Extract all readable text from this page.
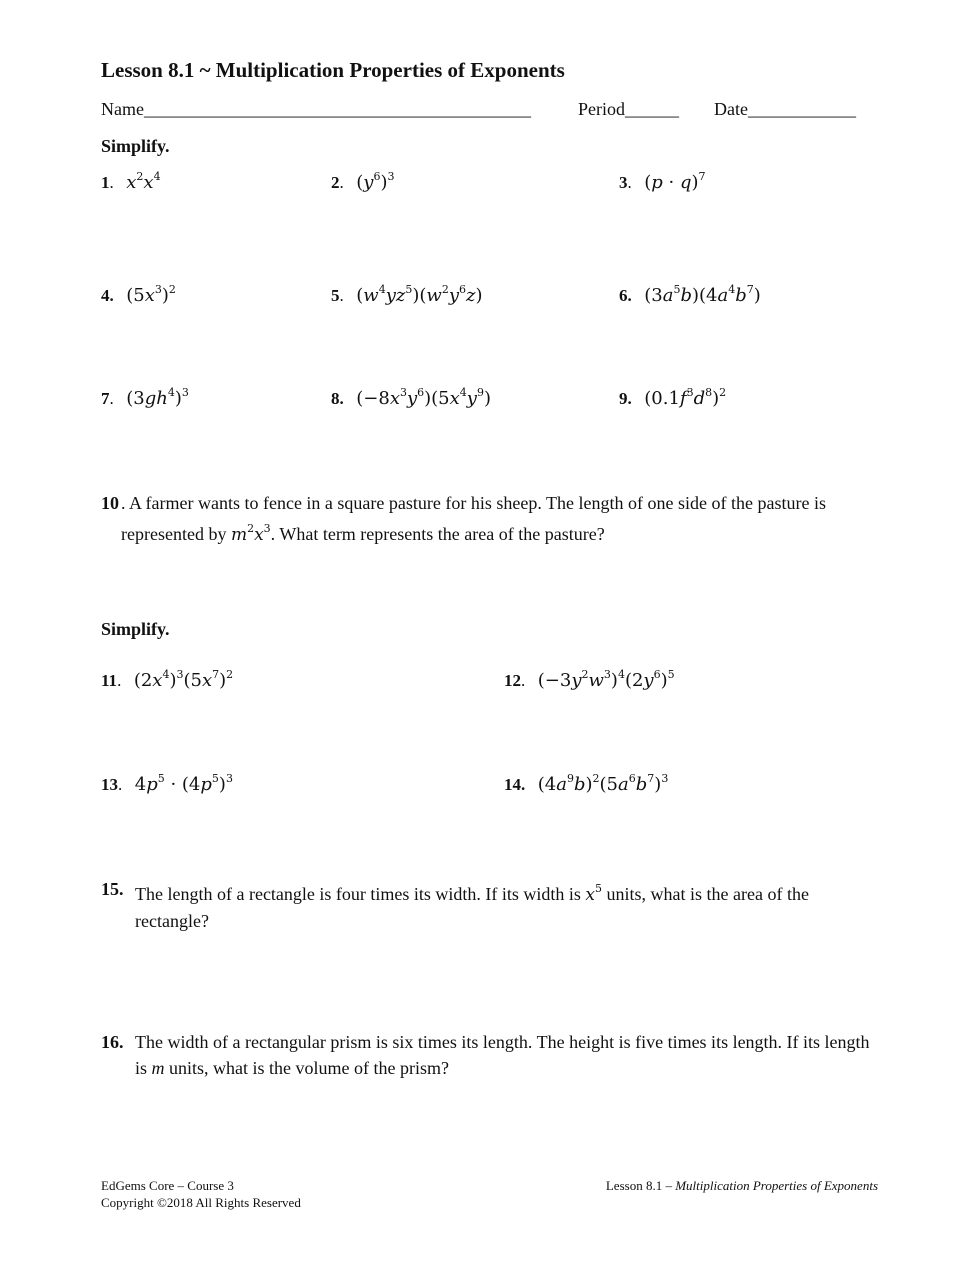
Lesson 8.1 ~ Multiplication Properties of Exponents
Name___________________________________________	Period______ Date____________
Simplify.
1. $x^2x^4$	2. $(y^6)^3$	3. $(p \cdot q)^7$
4. $(5x^3)^2$	5. $(w^4yz^5)(w^2y^6z)$	6. $(3a^5b)(4a^4b^7)$
7. $(3gh^4)^3$	8. $(-8x^3y^6)(5x^4y^9)$	9. $(0.1f^3d^8)^2$
10 . A farmer wants to fence in a square pasture for his sheep. The length of one side of the pasture is represented by $m^2x^3$. What term represents the area of the pasture?
Simplify.
11. $(2x^4)^3(5x^7)^2$	12. $(-3y^2w^3)^4(2y^6)^5$
13. $4p^5 \cdot (4p^5)^3$	14. $(4a^9b)^2(5a^6b^7)^3$
15. The length of a rectangle is four times its width. If its width is $x^5$ units, what is the area of the rectangle?
16. The width of a rectangular prism is six times its length. The height is five times its length. If its length is m units, what is the volume of the prism?
EdGems Core – Course 3
Copyright ©2018 All Rights Reserved
Lesson 8.1 – Multiplication Properties of Exponents
